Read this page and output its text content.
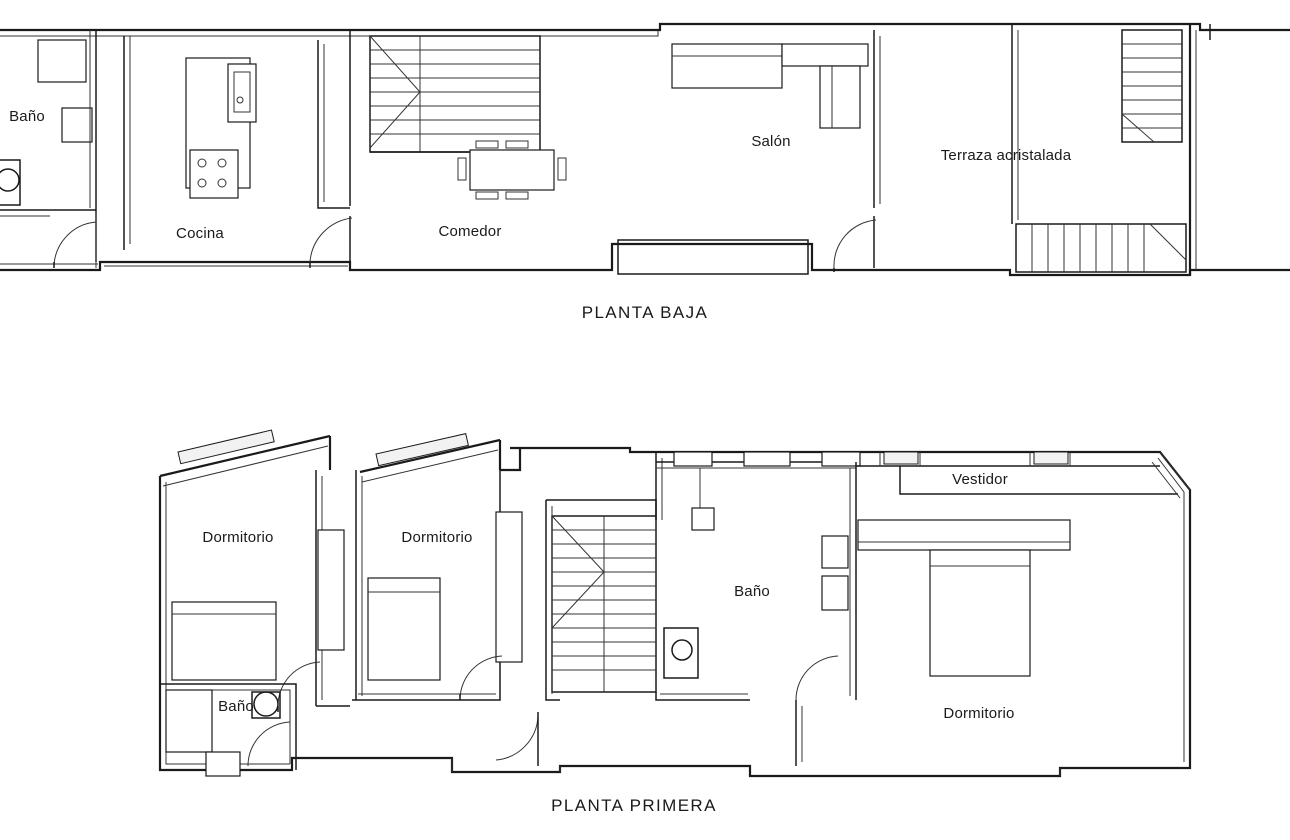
Baño
Cocina	Comedor
Salón
Terraza acristalada
PLANTA BAJA
Dormitorio	Dormitorio
Baño
Baño
Vestidor
Dormitorio
PLANTA PRIMERA
